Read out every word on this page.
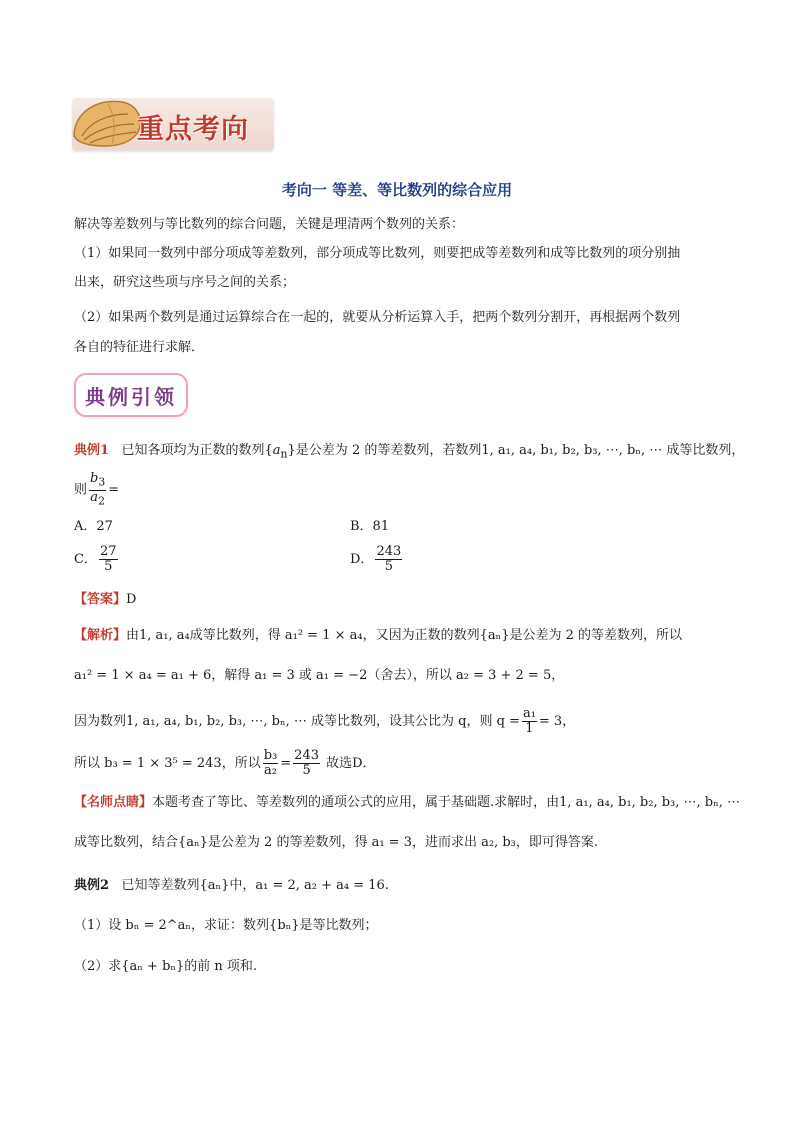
重点考向
考向一 等差、等比数列的综合应用
解决等差数列与等比数列的综合问题，关键是理清两个数列的关系：
（1）如果同一数列中部分项成等差数列，部分项成等比数列，则要把成等差数列和成等比数列的项分别抽
出来，研究这些项与序号之间的关系；
（2）如果两个数列是通过运算综合在一起的，就要从分析运算入手，把两个数列分割开，再根据两个数列
各自的特征进行求解．
典例引领
典例1 已知各项均为正数的数列$\{a_n\}$是公差为 2 的等差数列，若数列1, a₁, a₄, b₁, b₂, b₃, ⋯, bₙ, ⋯ 成等比数列，
则 $\frac{b_3}{a_2}$ =
A．27	B．81
C． $\frac{27}{5}$	D． $\frac{243}{5}$
【答案】D
【解析】由1, a₁, a₄成等比数列，得 a₁² = 1 × a₄，又因为正数的数列{aₙ}是公差为 2 的等差数列，所以
a₁² = 1 × a₄ = a₁ + 6，解得 a₁ = 3 或 a₁ = −2（舍去），所以 a₂ = 3 + 2 = 5，
因为数列1, a₁, a₄, b₁, b₂, b₃, ⋯, bₙ, ⋯ 成等比数列，设其公比为 q，则 $q = \frac{\text{a₁}}{1} = 3$，
所以 b₃ = 1 × 3⁵ = 243，所以 $\frac{\text{b₃}}{\text{a₂}} = \frac{243}{5}$ 故选D．
【名师点睛】本题考查了等比、等差数列的通项公式的应用，属于基础题.求解时，由1, a₁, a₄, b₁, b₂, b₃, ⋯, bₙ, ⋯
成等比数列，结合{aₙ}是公差为 2 的等差数列，得 a₁ = 3，进而求出 a₂, b₃，即可得答案.
典例2 已知等差数列{aₙ}中，a₁ = 2, a₂ + a₄ = 16.
（1）设 bₙ = 2^aₙ，求证：数列{bₙ}是等比数列；
（2）求{aₙ + bₙ}的前 n 项和.
